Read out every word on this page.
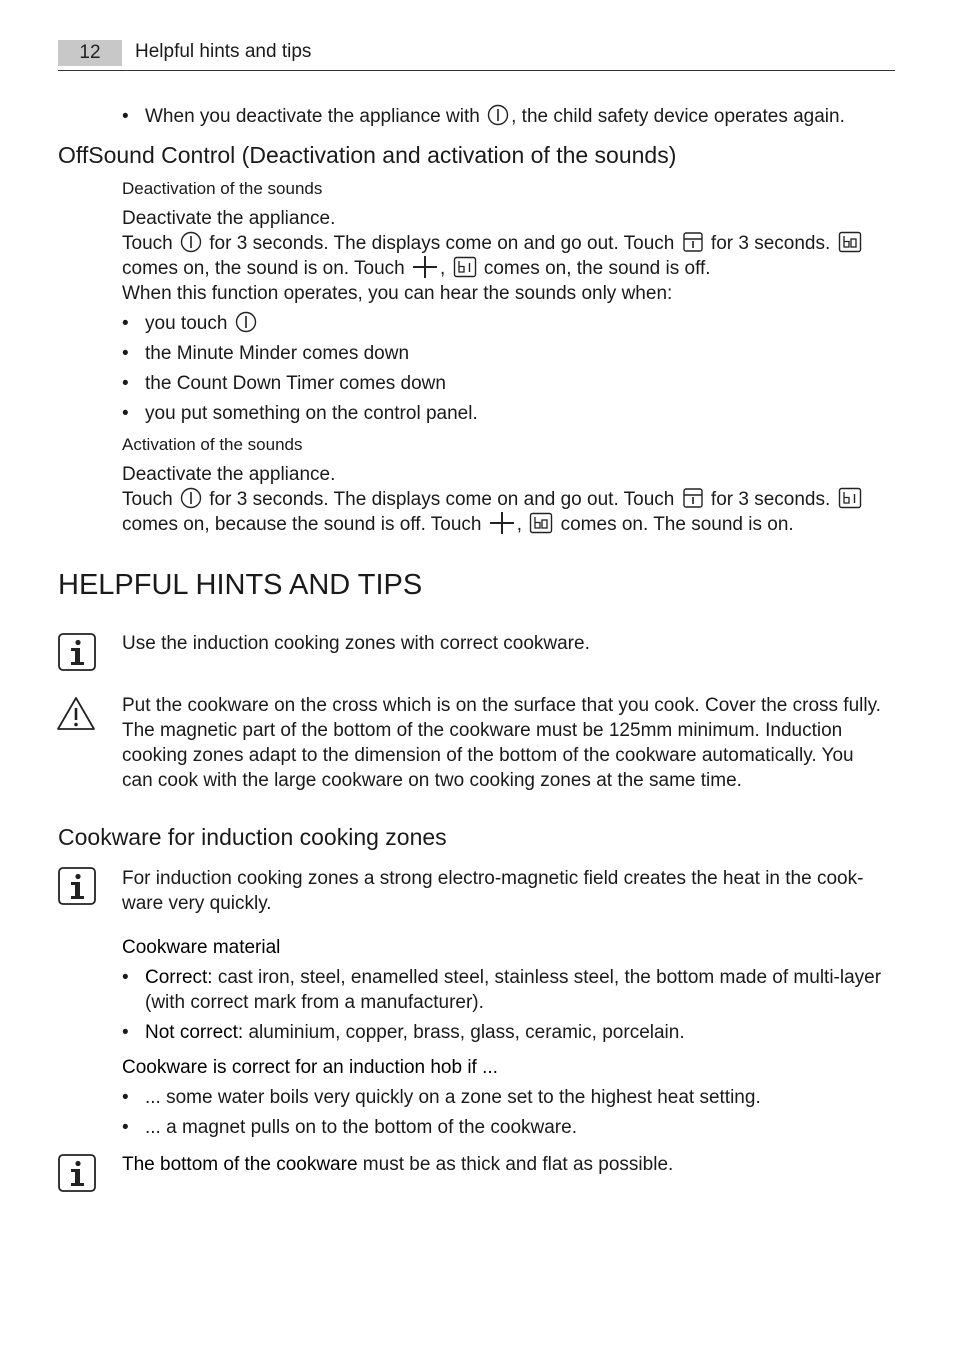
12	Helpful hints and tips
• When you deactivate the appliance with , the child safety device operates again.
OffSound Control (Deactivation and activation of the sounds)
Deactivation of the sounds
Deactivate the appliance.
Touch for 3 seconds. The displays come on and go out. Touch for 3 seconds.
comes on, the sound is on. Touch , comes on, the sound is off.
When this function operates, you can hear the sounds only when:
• you touch
• the Minute Minder comes down
• the Count Down Timer comes down
• you put something on the control panel.
Activation of the sounds
Deactivate the appliance.
Touch for 3 seconds. The displays come on and go out. Touch for 3 seconds.
comes on, because the sound is off. Touch , comes on. The sound is on.
HELPFUL HINTS AND TIPS
Use the induction cooking zones with correct cookware.
Put the cookware on the cross which is on the surface that you cook. Cover the cross fully.
The magnetic part of the bottom of the cookware must be 125mm minimum. Induction
cooking zones adapt to the dimension of the bottom of the cookware automatically. You
can cook with the large cookware on two cooking zones at the same time.
Cookware for induction cooking zones
For induction cooking zones a strong electro-magnetic field creates the heat in the cook-
ware very quickly.
Cookware material
• Correct: cast iron, steel, enamelled steel, stainless steel, the bottom made of multi-layer
(with correct mark from a manufacturer).
• Not correct: aluminium, copper, brass, glass, ceramic, porcelain.
Cookware is correct for an induction hob if ...
• ... some water boils very quickly on a zone set to the highest heat setting.
• ... a magnet pulls on to the bottom of the cookware.
The bottom of the cookware must be as thick and flat as possible.
